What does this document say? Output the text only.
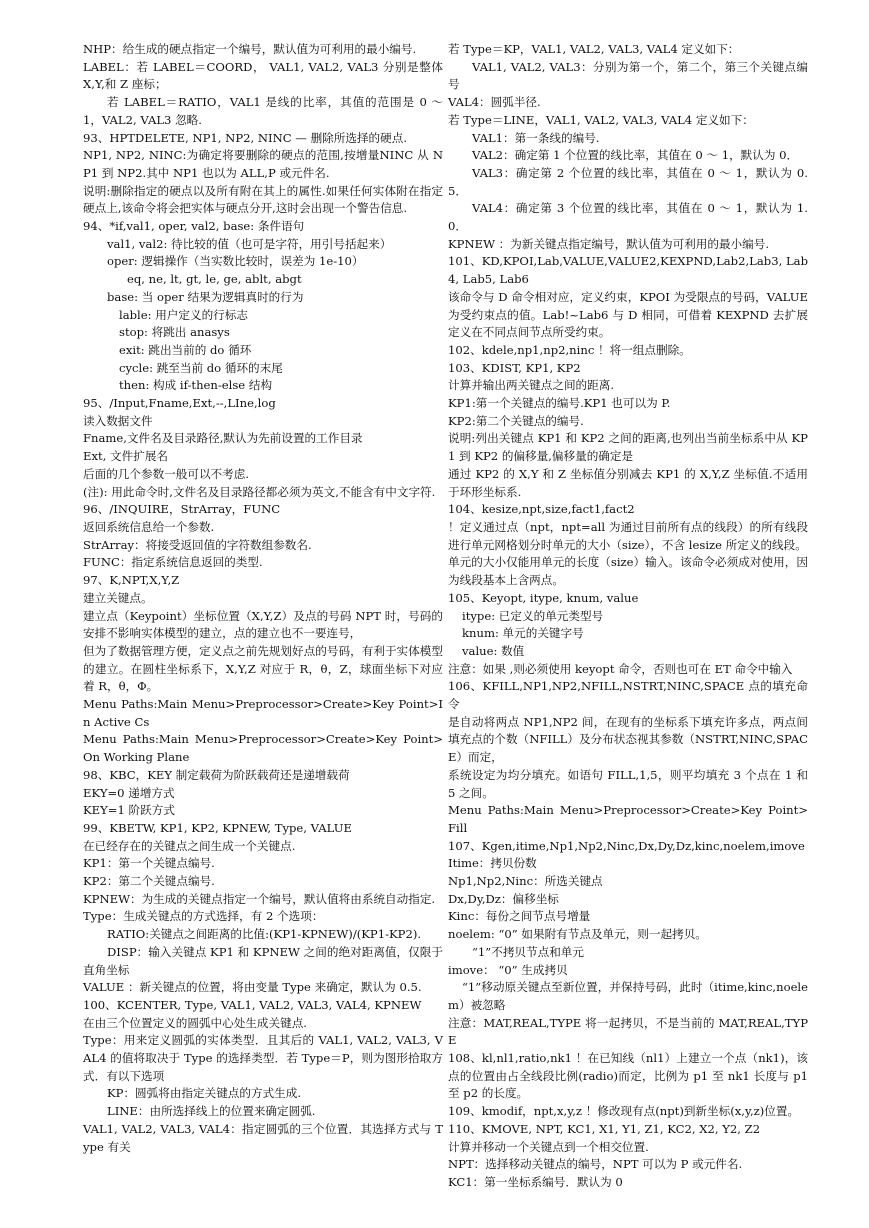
NHP：给生成的硬点指定一个编号，默认值为可利用的最小编号.

LABEL：若 LABEL＝COORD， VAL1, VAL2, VAL3 分别是整体 X,Y,和 Z 座标；

若 LABEL＝RATIO，VAL1 是线的比率，其值的范围是 0 ～ 1，VAL2, VAL3 忽略.

93、HPTDELETE, NP1, NP2, NINC — 删除所选择的硬点.

NP1, NP2, NINC:为确定将要删除的硬点的范围,按增量NINC 从 NP1 到 NP2.其中 NP1 也以为 ALL,P 或元件名.

说明:删除指定的硬点以及所有附在其上的属性.如果任何实体附在指定硬点上,该命令将会把实体与硬点分开,这时会出现一个警告信息.

94、*if,val1, oper, val2, base: 条件语句

val1, val2: 待比较的值（也可是字符，用引号括起来）

oper: 逻辑操作（当实数比较时，误差为 1e-10）

eq, ne, lt, gt, le, ge, ablt, abgt

base: 当 oper 结果为逻辑真时的行为

lable: 用户定义的行标志

stop: 将跳出 anasys

exit: 跳出当前的 do 循环

cycle: 跳至当前 do 循环的末尾

then: 构成 if-then-else 结构

95、/Input,Fname,Ext,--,LIne,log

读入数据文件

Fname,文件名及目录路径,默认为先前设置的工作目录

Ext, 文件扩展名

后面的几个参数一般可以不考虑.

(注): 用此命令时,文件名及目录路径都必须为英文,不能含有中文字符.

96、/INQUIRE，StrArray，FUNC

返回系统信息给一个参数.

StrArray：将接受返回值的字符数组参数名.

FUNC：指定系统信息返回的类型.

97、K,NPT,X,Y,Z

建立关键点。

建立点（Keypoint）坐标位置（X,Y,Z）及点的号码 NPT 时，号码的安排不影响实体模型的建立，点的建立也不一要连号，

但为了数据管理方便，定义点之前先规划好点的号码，有利于实体模型的建立。在圆柱坐标系下，X,Y,Z 对应于 R，θ，Z，球面坐标下对应着 R，θ，Φ。

Menu Paths:Main Menu>Preprocessor>Create>Key Point>In Active Cs

Menu Paths:Main Menu>Preprocessor>Create>Key Point>On Working Plane

98、KBC，KEY 制定载荷为阶跃载荷还是递增载荷

EKY=0 递增方式

KEY=1 阶跃方式

99、KBETW, KP1, KP2, KPNEW, Type, VALUE

在已经存在的关键点之间生成一个关键点.

KP1：第一个关键点编号.

KP2：第二个关键点编号.

KPNEW：为生成的关键点指定一个编号，默认值将由系统自动指定.

Type：生成关键点的方式选择，有 2 个选项：

RATIO:关键点之间距离的比值:(KP1-KPNEW)/(KP1-KP2).

DISP：输入关键点 KP1 和 KPNEW 之间的绝对距离值，仅限于直角坐标

VALUE ：新关键点的位置，将由变量 Type 来确定，默认为 0.5.

100、KCENTER, Type, VAL1, VAL2, VAL3, VAL4, KPNEW

在由三个位置定义的圆弧中心处生成关键点.

Type：用来定义圆弧的实体类型．且其后的 VAL1, VAL2, VAL3, VAL4 的值将取决于 Type 的选择类型．若 Type＝P，则为图形拾取方式．有以下选项

KP：圆弧将由指定关键点的方式生成.

LINE：由所选择线上的位置来确定圆弧.

VAL1, VAL2, VAL3, VAL4：指定圆弧的三个位置．其选择方式与 Type 有关

若 Type＝KP，VAL1, VAL2, VAL3, VAL4 定义如下：

VAL1, VAL2, VAL3：分别为第一个，第二个，第三个关键点编号

VAL4：圆弧半径.

若 Type＝LINE，VAL1, VAL2, VAL3, VAL4 定义如下：

VAL1：第一条线的编号.

VAL2：确定第 1 个位置的线比率，其值在 0 ～ 1，默认为 0．

VAL3：确定第 2 个位置的线比率，其值在 0 ～ 1，默认为 0.5．

VAL4：确定第 3 个位置的线比率，其值在 0 ～ 1，默认为 1.0．

KPNEW ：为新关键点指定编号，默认值为可利用的最小编号.

101、KD,KPOI,Lab,VALUE,VALUE2,KEXPND,Lab2,Lab3, Lab4, Lab5, Lab6

该命令与 D 命令相对应，定义约束，KPOI 为受限点的号码，VALUE 为受约束点的值。Lab!~Lab6 与 D 相同，可借着 KEXPND 去扩展定义在不同点间节点所受约束。

102、kdele,np1,np2,ninc ！将一组点删除。

103、KDIST, KP1, KP2

计算并输出两关键点之间的距离.

KP1:第一个关键点的编号.KP1 也可以为 P.

KP2:第二个关键点的编号.

说明:列出关键点 KP1 和 KP2 之间的距离,也列出当前坐标系中从 KP1 到 KP2 的偏移量,偏移量的确定是

通过 KP2 的 X,Y 和 Z 坐标值分别减去 KP1 的 X,Y,Z 坐标值.不适用于环形坐标系.

104、kesize,npt,size,fact1,fact2

！定义通过点（npt，npt=all 为通过目前所有点的线段）的所有线段进行单元网格划分时单元的大小（size），不含 lesize 所定义的线段。

单元的大小仅能用单元的长度（size）输入。该命令必须成对使用，因为线段基本上含两点。

105、Keyopt, itype, knum, value

itype: 已定义的单元类型号

knum: 单元的关键字号

value: 数值

注意：如果 ,则必须使用 keyopt 命令，否则也可在 ET 命令中输入

106、KFILL,NP1,NP2,NFILL,NSTRT,NINC,SPACE 点的填充命令

是自动将两点 NP1,NP2 间，在现有的坐标系下填充许多点，两点间填充点的个数（NFILL）及分布状态视其参数（NSTRT,NINC,SPACE）而定，

系统设定为均分填充。如语句 FILL,1,5，则平均填充 3 个点在 1 和 5 之间。

Menu Paths:Main Menu>Preprocessor>Create>Key Point>Fill

107、Kgen,itime,Np1,Np2,Ninc,Dx,Dy,Dz,kinc,noelem,imove

Itime：拷贝份数

Np1,Np2,Ninc：所选关键点

Dx,Dy,Dz：偏移坐标

Kinc：每份之间节点号增量

noelem: “0” 如果附有节点及单元，则一起拷贝。

“1”不拷贝节点和单元

imove： “0” 生成拷贝

“1”移动原关键点至新位置，并保持号码，此时（itime,kinc,noelem）被忽略

注意：MAT,REAL,TYPE 将一起拷贝，不是当前的 MAT,REAL,TYPE

108、kl,nl1,ratio,nk1 ！在已知线（nl1）上建立一个点（nk1)，该点的位置由占全线段比例(radio)而定，比例为 p1 至 nk1 长度与 p1 至 p2 的长度。

109、kmodif，npt,x,y,z ！修改现有点(npt)到新坐标(x,y,z)位置。

110、KMOVE, NPT, KC1, X1, Y1, Z1, KC2, X2, Y2, Z2

计算并移动一个关键点到一个相交位置.

NPT：选择移动关键点的编号，NPT 可以为 P 或元件名.

KC1：第一坐标系编号．默认为 0
